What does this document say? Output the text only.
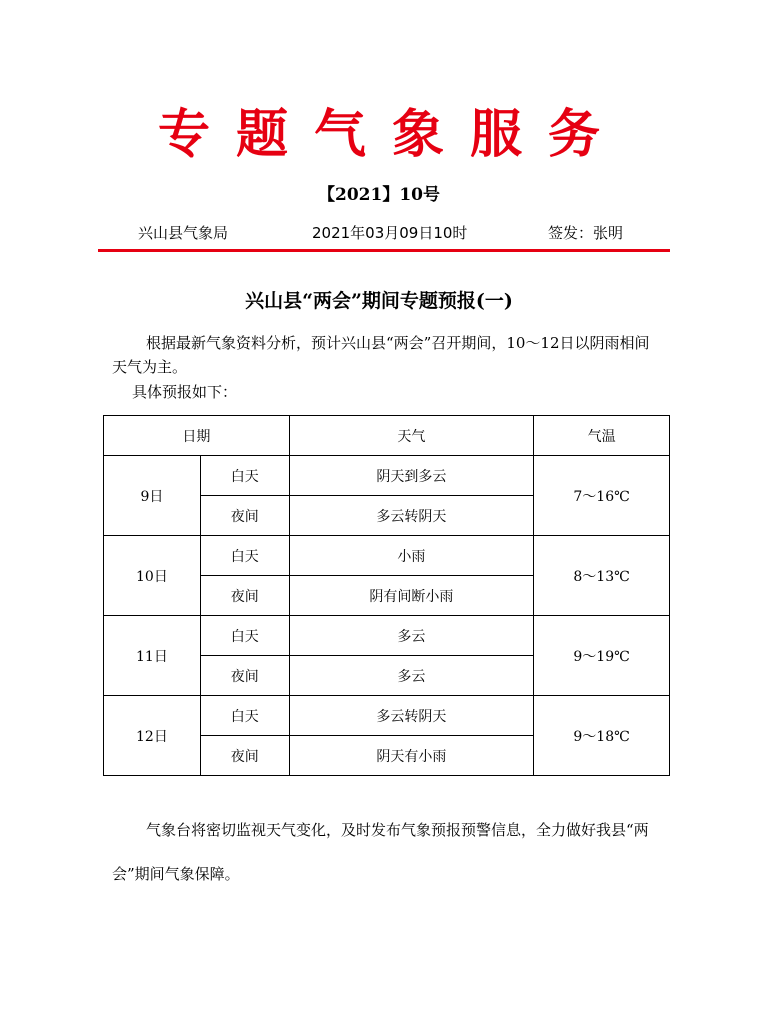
专题气象服务
【2021】10号
兴山县气象局	2021年03月09日10时	签发：张明
兴山县“两会”期间专题预报(一)
根据最新气象资料分析，预计兴山县“两会”召开期间，10～12日以阴雨相间天气为主。
具体预报如下：
日期		天气	气温
9日	白天	阴天到多云	7～16℃
	夜间	多云转阴天	
10日	白天	小雨	8～13℃
	夜间	阴有间断小雨	
11日	白天	多云	9～19℃
	夜间	多云	
12日	白天	多云转阴天	9～18℃
	夜间	阴天有小雨	
气象台将密切监视天气变化，及时发布气象预报预警信息，全力做好我县“两会”期间气象保障。
